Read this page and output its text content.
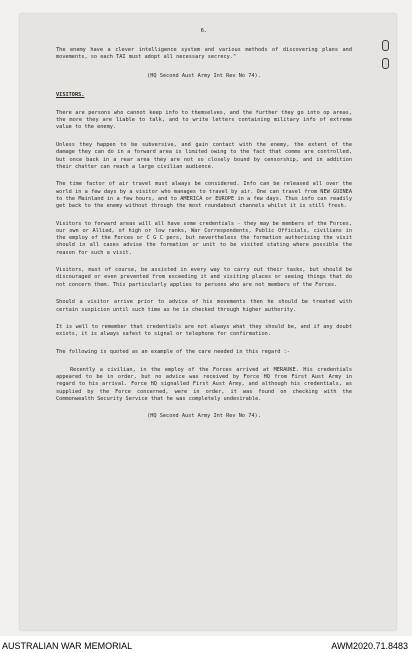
6.

The enemy have a clever intelligence system and various methods of discovering plans and movements, so each TAI must adopt all necessary secrecy."

(HQ Second Aust Army Int Rev No 74).

VISITORS.

There are persons who cannot keep info to themselves, and the further they go into op areas, the more they are liable to talk, and to write letters containing military info of extreme value to the enemy.

Unless they happen to be subversive, and gain contact with the enemy, the extent of the damage they can do in a forward area is limited owing to the fact that comms are controlled, but once back in a rear area they are not so closely bound by censorship, and in addition their chatter can reach a large civilian audience.

The time factor of air travel must always be considered. Info can be released all over the world in a few days by a visitor who manages to travel by air. One can travel from NEW GUINEA to the Mainland in a few hours, and to AMERICA or EUROPE in a few days. Thus info can readily get back to the enemy without through the most roundabout channels whilst it is still fresh.

Visitors to forward areas will all have some credentials - they may be members of the Forces, our own or Allied, of high or low ranks, War Correspondents, Public Officials, civilians in the employ of the Forces or C G C pers, but nevertheless the formation authorising the visit should in all cases advise the formation or unit to be visited stating where possible the reason for such a visit.

Visitors, must of course, be assisted in every way to carry out their tasks, but should be discouraged or even prevented from exceeding it and visiting places or seeing things that do not concern them. This particularly applies to persons who are not members of the Forces.

Should a visitor arrive prior to advice of his movements then he should be treated with certain suspicion until such time as he is checked through higher authority.

It is well to remember that credentials are not always what they should be, and if any doubt exists, it is always safest to signal or telephone for confirmation.

The following is quoted as an example of the care needed in this regard :-

Recently a civilian, in the employ of the Forces arrived at MERAUKE. His credentials appeared to be in order, but no advice was received by Force HQ from First Aust Army in regard to his arrival. Force HQ signalled First Aust Army, and although his credentials, as supplied by the Force concerned, were in order, it was found on checking with the Commonwealth Security Service that he was completely undesirable.

(HQ Second Aust Army Int Rev No 74).

AUSTRALIAN WAR MEMORIAL	AWM2020.71.8483
